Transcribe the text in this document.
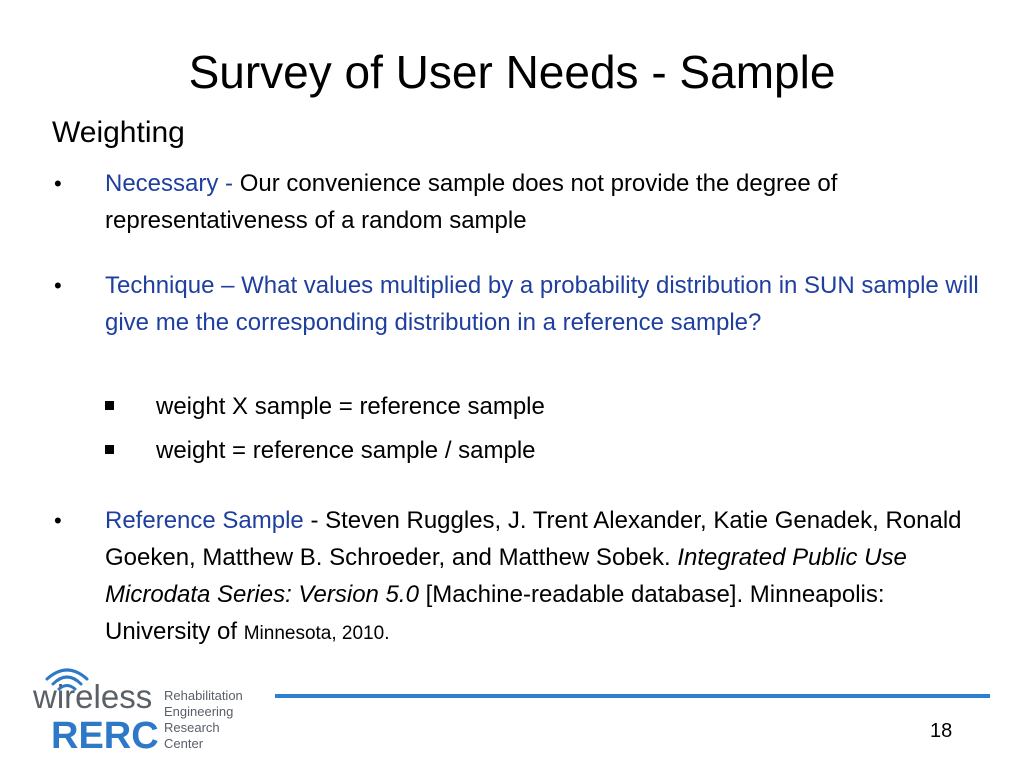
Survey of User Needs - Sample
Weighting
• Necessary - Our convenience sample does not provide the degree of representativeness of a random sample
• Technique – What values multiplied by a probability distribution in SUN sample will give me the corresponding distribution in a reference sample?
weight X sample = reference sample
weight = reference sample / sample
• Reference Sample - Steven Ruggles, J. Trent Alexander, Katie Genadek, Ronald Goeken, Matthew B. Schroeder, and Matthew Sobek. Integrated Public Use Microdata Series: Version 5.0 [Machine-readable database]. Minneapolis: University of Minnesota, 2010.
wireless
RERC
Rehabilitation
Engineering
Research
Center
18
